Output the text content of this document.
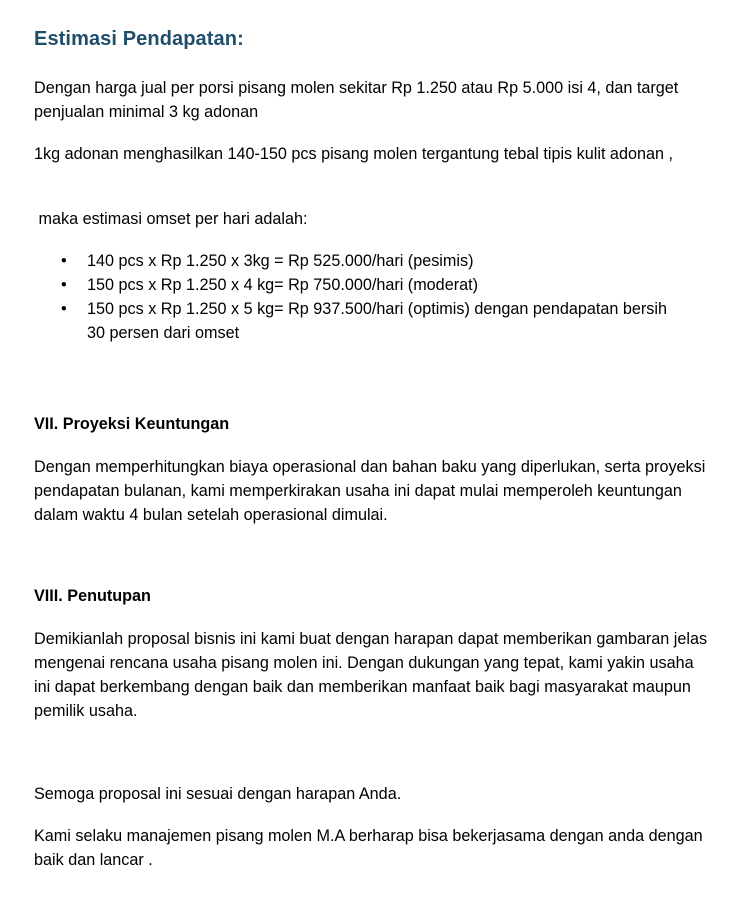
Estimasi Pendapatan:

Dengan harga jual per porsi pisang molen sekitar Rp 1.250 atau Rp 5.000 isi 4, dan target penjualan minimal 3 kg adonan

1kg adonan menghasilkan 140-150 pcs pisang molen tergantung tebal tipis kulit adonan ,

maka estimasi omset per hari adalah:

• 140 pcs x Rp 1.250 x 3kg = Rp 525.000/hari (pesimis)
• 150 pcs x Rp 1.250 x 4 kg= Rp 750.000/hari (moderat)
• 150 pcs x Rp 1.250 x 5 kg= Rp 937.500/hari (optimis) dengan pendapatan bersih
30 persen dari omset
VII. Proyeksi Keuntungan

Dengan memperhitungkan biaya operasional dan bahan baku yang diperlukan, serta proyeksi pendapatan bulanan, kami memperkirakan usaha ini dapat mulai memperoleh keuntungan dalam waktu 4 bulan setelah operasional dimulai.

VIII. Penutupan

Demikianlah proposal bisnis ini kami buat dengan harapan dapat memberikan gambaran jelas mengenai rencana usaha pisang molen ini. Dengan dukungan yang tepat, kami yakin usaha ini dapat berkembang dengan baik dan memberikan manfaat baik bagi masyarakat maupun pemilik usaha.

Semoga proposal ini sesuai dengan harapan Anda.

Kami selaku manajemen pisang molen M.A berharap bisa bekerjasama dengan anda dengan baik dan lancar .
